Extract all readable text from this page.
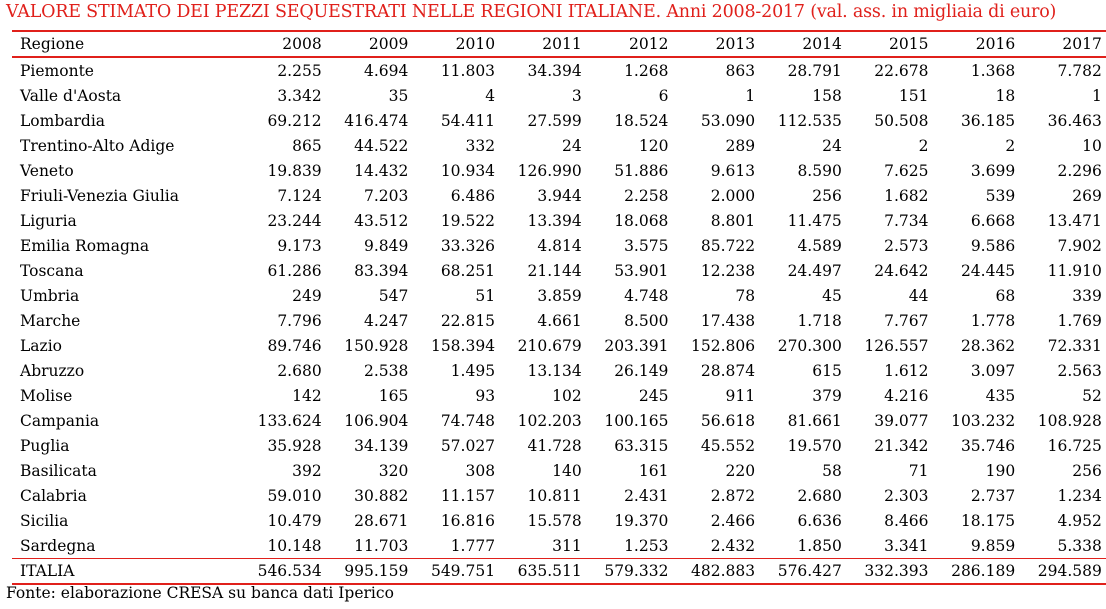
VALORE STIMATO DEI PEZZI SEQUESTRATI NELLE REGIONI ITALIANE. Anni 2008-2017 (val. ass. in migliaia di euro)
Regione	2008	2009	2010	2011	2012	2013	2014	2015	2016	2017
Piemonte	2.255	4.694	11.803	34.394	1.268	863	28.791	22.678	1.368	7.782
Valle d'Aosta	3.342	35	4	3	6	1	158	151	18	1
Lombardia	69.212	416.474	54.411	27.599	18.524	53.090	112.535	50.508	36.185	36.463
Trentino-Alto Adige	865	44.522	332	24	120	289	24	2	2	10
Veneto	19.839	14.432	10.934	126.990	51.886	9.613	8.590	7.625	3.699	2.296
Friuli-Venezia Giulia	7.124	7.203	6.486	3.944	2.258	2.000	256	1.682	539	269
Liguria	23.244	43.512	19.522	13.394	18.068	8.801	11.475	7.734	6.668	13.471
Emilia Romagna	9.173	9.849	33.326	4.814	3.575	85.722	4.589	2.573	9.586	7.902
Toscana	61.286	83.394	68.251	21.144	53.901	12.238	24.497	24.642	24.445	11.910
Umbria	249	547	51	3.859	4.748	78	45	44	68	339
Marche	7.796	4.247	22.815	4.661	8.500	17.438	1.718	7.767	1.778	1.769
Lazio	89.746	150.928	158.394	210.679	203.391	152.806	270.300	126.557	28.362	72.331
Abruzzo	2.680	2.538	1.495	13.134	26.149	28.874	615	1.612	3.097	2.563
Molise	142	165	93	102	245	911	379	4.216	435	52
Campania	133.624	106.904	74.748	102.203	100.165	56.618	81.661	39.077	103.232	108.928
Puglia	35.928	34.139	57.027	41.728	63.315	45.552	19.570	21.342	35.746	16.725
Basilicata	392	320	308	140	161	220	58	71	190	256
Calabria	59.010	30.882	11.157	10.811	2.431	2.872	2.680	2.303	2.737	1.234
Sicilia	10.479	28.671	16.816	15.578	19.370	2.466	6.636	8.466	18.175	4.952
Sardegna	10.148	11.703	1.777	311	1.253	2.432	1.850	3.341	9.859	5.338
ITALIA	546.534	995.159	549.751	635.511	579.332	482.883	576.427	332.393	286.189	294.589
Fonte: elaborazione CRESA su banca dati Iperico
